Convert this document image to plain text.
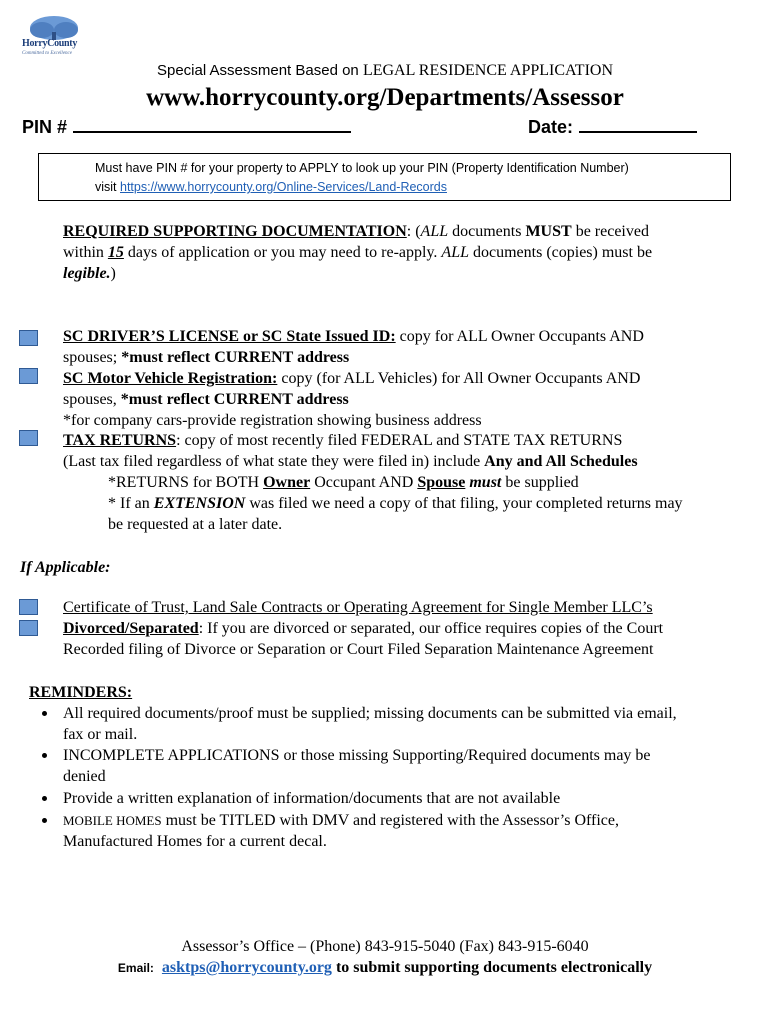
HorryCounty
Committed to Excellence
Special Assessment Based on LEGAL RESIDENCE APPLICATION
www.horrycounty.org/Departments/Assessor
PIN #	Date:
Must have PIN # for your property to APPLY to look up your PIN (Property Identification Number)
visit https://www.horrycounty.org/Online-Services/Land-Records
REQUIRED SUPPORTING DOCUMENTATION: (ALL documents MUST be received
within 15 days of application or you may need to re-apply. ALL documents (copies) must be
legible.)
SC DRIVER’S LICENSE or SC State Issued ID: copy for ALL Owner Occupants AND
spouses; *must reflect CURRENT address
SC Motor Vehicle Registration: copy (for ALL Vehicles) for All Owner Occupants AND
spouses, *must reflect CURRENT address
*for company cars-provide registration showing business address
TAX RETURNS: copy of most recently filed FEDERAL and STATE TAX RETURNS
(Last tax filed regardless of what state they were filed in) include Any and All Schedules
*RETURNS for BOTH Owner Occupant AND Spouse must be supplied
* If an EXTENSION was filed we need a copy of that filing, your completed returns may
be requested at a later date.
If Applicable:
Certificate of Trust, Land Sale Contracts or Operating Agreement for Single Member LLC’s
Divorced/Separated: If you are divorced or separated, our office requires copies of the Court
Recorded filing of Divorce or Separation or Court Filed Separation Maintenance Agreement
REMINDERS:
All required documents/proof must be supplied; missing documents can be submitted via email,
fax or mail.
INCOMPLETE APPLICATIONS or those missing Supporting/Required documents may be
denied
Provide a written explanation of information/documents that are not available
MOBILE HOMES must be TITLED with DMV and registered with the Assessor’s Office,
Manufactured Homes for a current decal.
Assessor’s Office – (Phone) 843-915-5040 (Fax) 843-915-6040
Email: asktps@horrycounty.org to submit supporting documents electronically
